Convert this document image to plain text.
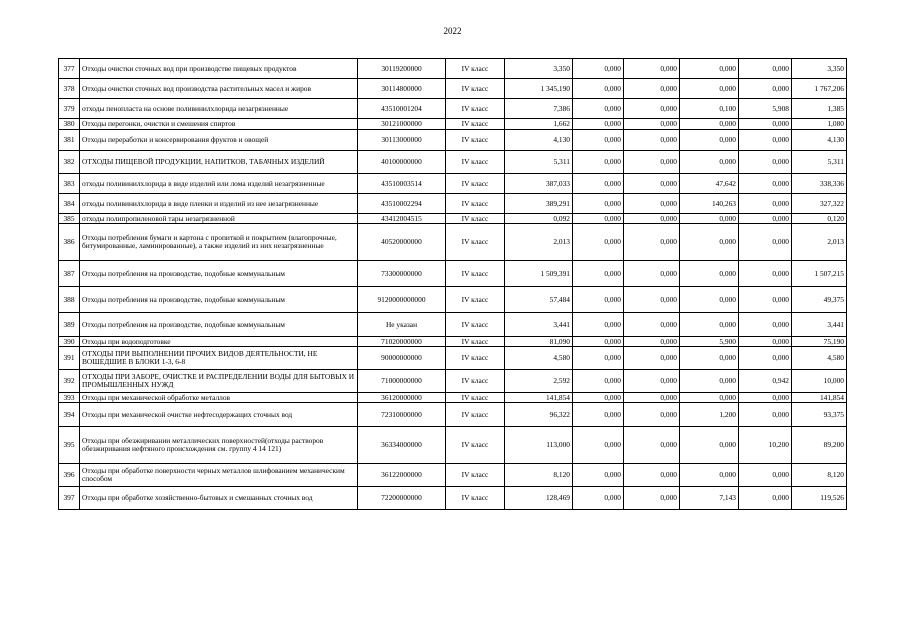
2022
377	Отходы очистки сточных вод при производстве пищевых продуктов	30119200000	IV класс	3,350	0,000	0,000	0,000	0,000	3,350
378	Отходы очистки сточных вод производства растительных масел и жиров	30114800000	IV класс	1 345,190	0,000	0,000	0,000	0,000	1 767,206
379	отходы пенопласта на основе поливинилхлорида незагрязненные	43510001204	IV класс	7,386	0,000	0,000	0,100	5,908	1,385
380	Отходы перегонки, очистки и смешения спиртов	30121000000	IV класс	1,662	0,000	0,000	0,000	0,000	1,080
381	Отходы переработки и консервирования фруктов и овощей	30113000000	IV класс	4,130	0,000	0,000	0,000	0,000	4,130
382	ОТХОДЫ ПИЩЕВОЙ ПРОДУКЦИИ, НАПИТКОВ, ТАБАЧНЫХ ИЗДЕЛИЙ	40100000000	IV класс	5,311	0,000	0,000	0,000	0,000	5,311
383	отходы поливинилхлорида в виде изделий или лома изделий незагрязненные	43510003514	IV класс	387,033	0,000	0,000	47,642	0,000	338,336
384	отходы поливинилхлорида в виде пленки и изделий из нее незагрязненные	43510002294	IV класс	389,291	0,000	0,000	140,263	0,000	327,322
385	отходы полипропиленовой тары незагрязненной	43412004515	IV класс	0,092	0,000	0,000	0,000	0,000	0,120
386	Отходы потребления бумаги и картона с пропиткой и покрытием (влагопрочные, битумированные, ламинированные), а также изделий из них незагрязненные	40520000000	IV класс	2,013	0,000	0,000	0,000	0,000	2,013
387	Отходы потребления на производстве, подобные коммунальным	73300000000	IV класс	1 509,391	0,000	0,000	0,000	0,000	1 507,215
388	Отходы потребления на производстве, подобные коммунальным	9120000000000	IV класс	57,484	0,000	0,000	0,000	0,000	49,375
389	Отходы потребления на производстве, подобные коммунальным	Не указан	IV класс	3,441	0,000	0,000	0,000	0,000	3,441
390	Отходы при водоподготовке	71020000000	IV класс	81,090	0,000	0,000	5,900	0,000	75,190
391	ОТХОДЫ ПРИ ВЫПОЛНЕНИИ ПРОЧИХ ВИДОВ ДЕЯТЕЛЬНОСТИ, НЕ ВОШЕДШИЕ В БЛОКИ 1-3, 6-8	90000000000	IV класс	4,580	0,000	0,000	0,000	0,000	4,580
392	ОТХОДЫ ПРИ ЗАБОРЕ, ОЧИСТКЕ И РАСПРЕДЕЛЕНИИ ВОДЫ ДЛЯ БЫТОВЫХ И ПРОМЫШЛЕННЫХ НУЖД	71000000000	IV класс	2,592	0,000	0,000	0,000	0,942	10,000
393	Отходы при механической обработке металлов	36120000000	IV класс	141,854	0,000	0,000	0,000	0,000	141,854
394	Отходы при механической очистке нефтесодержащих сточных вод	72310000000	IV класс	96,322	0,000	0,000	1,200	0,000	93,375
395	Отходы при обезжиривании металлических поверхностей(отходы растворов обезжиривания нефтяного происхождения см. группу 4 14 121)	36334000000	IV класс	113,000	0,000	0,000	0,000	10,200	89,200
396	Отходы при обработке поверхности черных металлов шлифованием механическим способом	36122000000	IV класс	8,120	0,000	0,000	0,000	0,000	8,120
397	Отходы при обработке хозяйственно-бытовых и смешанных сточных вод	72200000000	IV класс	128,469	0,000	0,000	7,143	0,000	119,526
